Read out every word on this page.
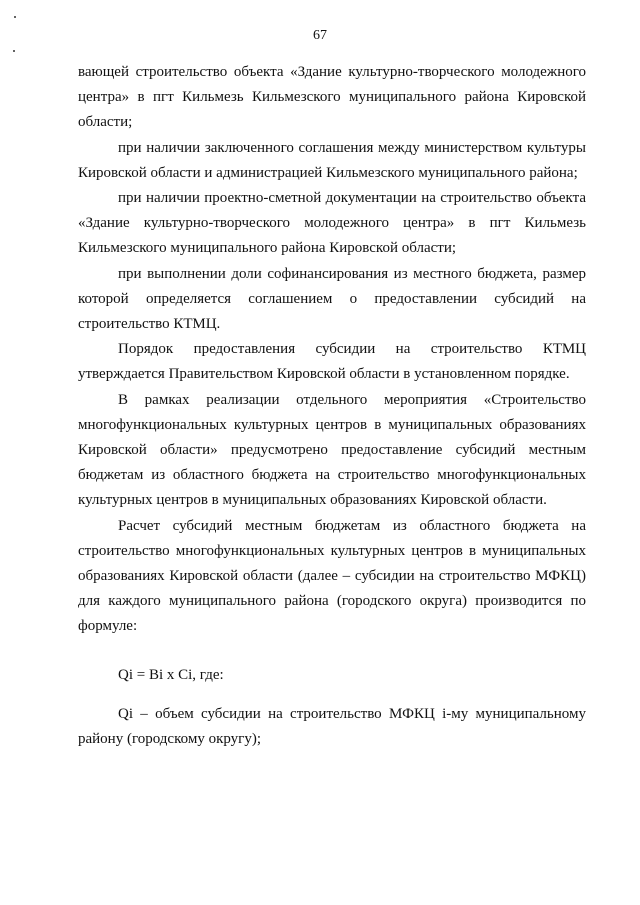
67

вающей строительство объекта «Здание культурно-творческого молодежного центра» в пгт Кильмезь Кильмезского муниципального района Кировской области;

при наличии заключенного соглашения между министерством культуры Кировской области и администрацией Кильмезского муниципального района;

при наличии проектно-сметной документации на строительство объекта «Здание культурно-творческого молодежного центра» в пгт Кильмезь Кильмезского муниципального района Кировской области;

при выполнении доли софинансирования из местного бюджета, размер которой определяется соглашением о предоставлении субсидий на строительство КТМЦ.

Порядок предоставления субсидии на строительство КТМЦ утверждается Правительством Кировской области в установленном порядке.

В рамках реализации отдельного мероприятия «Строительство многофункциональных культурных центров в муниципальных образованиях Кировской области» предусмотрено предоставление субсидий местным бюджетам из областного бюджета на строительство многофункциональных культурных центров в муниципальных образованиях Кировской области.

Расчет субсидий местным бюджетам из областного бюджета на строительство многофункциональных культурных центров в муниципальных образованиях Кировской области (далее – субсидии на строительство МФКЦ) для каждого муниципального района (городского округа) производится по формуле:

Qi = Bi x Ci, где:

Qi – объем субсидии на строительство МФКЦ i-му муниципальному району (городскому округу);
